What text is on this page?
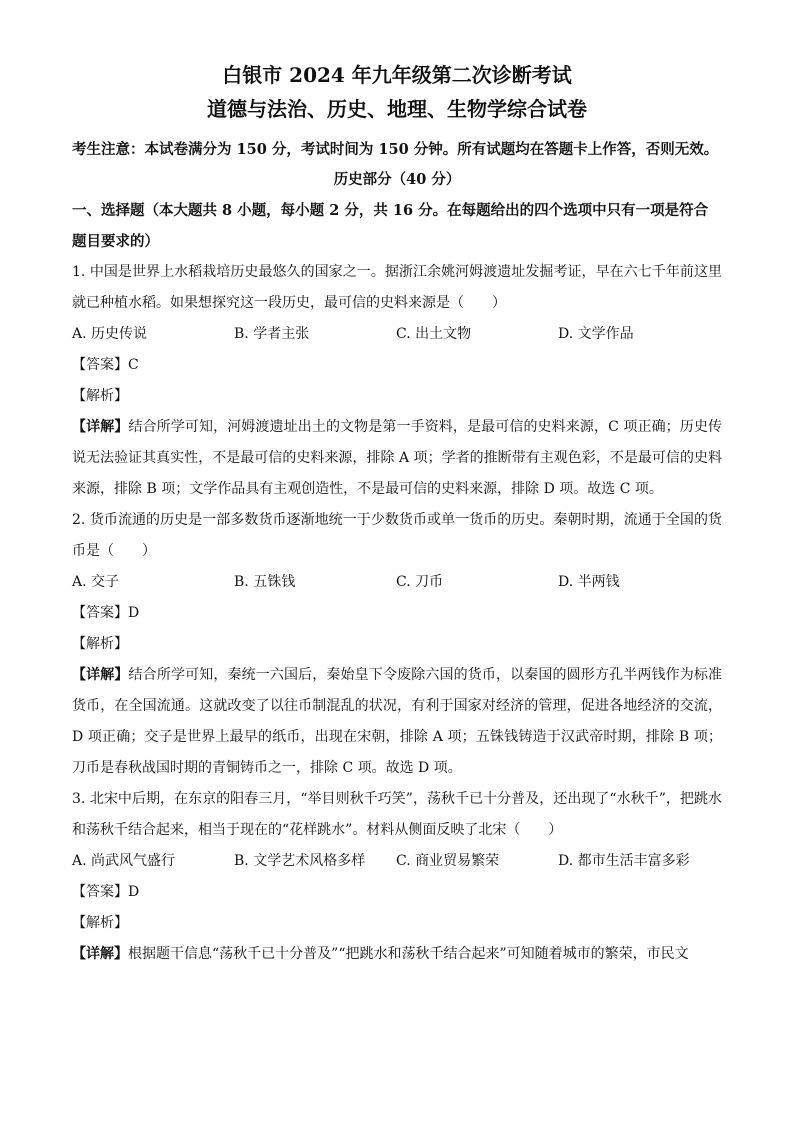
白银市 2024 年九年级第二次诊断考试

道德与法治、历史、地理、生物学综合试卷

考生注意：本试卷满分为 150 分，考试时间为 150 分钟。所有试题均在答题卡上作答，否则无效。

历史部分（40 分）

一、选择题（本大题共 8 小题，每小题 2 分，共 16 分。在每题给出的四个选项中只有一项是符合题目要求的）

1. 中国是世界上水稻栽培历史最悠久的国家之一。据浙江余姚河姆渡遗址发掘考证，早在六七千年前这里就已种植水稻。如果想探究这一段历史，最可信的史料来源是（　　）

A. 历史传说	B. 学者主张	C. 出土文物	D. 文学作品

【答案】C

【解析】

【详解】结合所学可知，河姆渡遗址出土的文物是第一手资料，是最可信的史料来源，C 项正确；历史传说无法验证其真实性，不是最可信的史料来源，排除 A 项；学者的推断带有主观色彩，不是最可信的史料来源，排除 B 项；文学作品具有主观创造性，不是最可信的史料来源，排除 D 项。故选 C 项。

2. 货币流通的历史是一部多数货币逐渐地统一于少数货币或单一货币的历史。秦朝时期，流通于全国的货币是（　　）

A. 交子	B. 五铢钱	C. 刀币	D. 半两钱

【答案】D

【解析】

【详解】结合所学可知，秦统一六国后，秦始皇下令废除六国的货币，以秦国的圆形方孔半两钱作为标准货币，在全国流通。这就改变了以往币制混乱的状况，有利于国家对经济的管理，促进各地经济的交流，D 项正确；交子是世界上最早的纸币，出现在宋朝，排除 A 项；五铢钱铸造于汉武帝时期，排除 B 项；刀币是春秋战国时期的青铜铸币之一，排除 C 项。故选 D 项。

3. 北宋中后期，在东京的阳春三月，“举目则秋千巧笑”，荡秋千已十分普及，还出现了“水秋千”，把跳水和荡秋千结合起来，相当于现在的“花样跳水”。材料从侧面反映了北宋（　　）

A. 尚武风气盛行	B. 文学艺术风格多样	C. 商业贸易繁荣	D. 都市生活丰富多彩

【答案】D

【解析】

【详解】根据题干信息“荡秋千已十分普及”“把跳水和荡秋千结合起来”可知随着城市的繁荣，市民文
